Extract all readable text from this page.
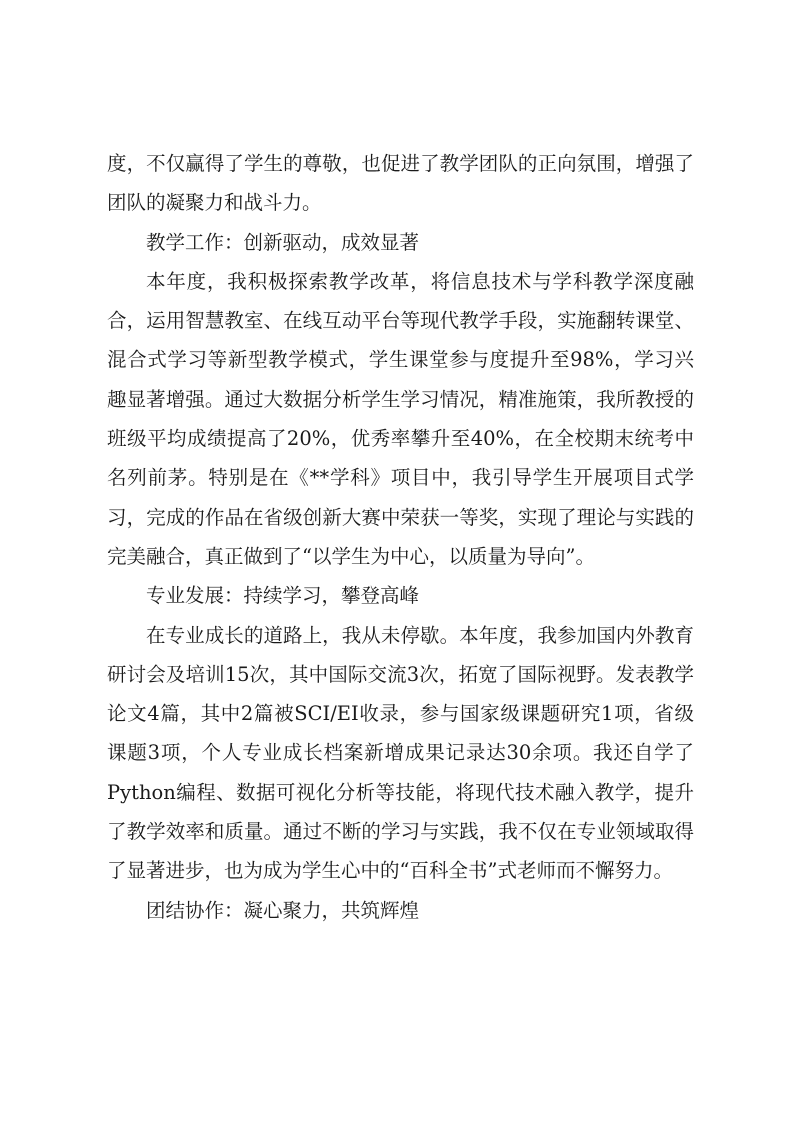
度，不仅赢得了学生的尊敬，也促进了教学团队的正向氛围，增强了团队的凝聚力和战斗力。

教学工作：创新驱动，成效显著

本年度，我积极探索教学改革，将信息技术与学科教学深度融合，运用智慧教室、在线互动平台等现代教学手段，实施翻转课堂、混合式学习等新型教学模式，学生课堂参与度提升至98%，学习兴趣显著增强。通过大数据分析学生学习情况，精准施策，我所教授的班级平均成绩提高了20%，优秀率攀升至40%，在全校期末统考中名列前茅。特别是在《**学科》项目中，我引导学生开展项目式学习，完成的作品在省级创新大赛中荣获一等奖，实现了理论与实践的完美融合，真正做到了“以学生为中心，以质量为导向”。

专业发展：持续学习，攀登高峰

在专业成长的道路上，我从未停歇。本年度，我参加国内外教育研讨会及培训15次，其中国际交流3次，拓宽了国际视野。发表教学论文4篇，其中2篇被SCI/EI收录，参与国家级课题研究1项，省级课题3项，个人专业成长档案新增成果记录达30余项。我还自学了Python编程、数据可视化分析等技能，将现代技术融入教学，提升了教学效率和质量。通过不断的学习与实践，我不仅在专业领域取得了显著进步，也为成为学生心中的“百科全书”式老师而不懈努力。

团结协作：凝心聚力，共筑辉煌
